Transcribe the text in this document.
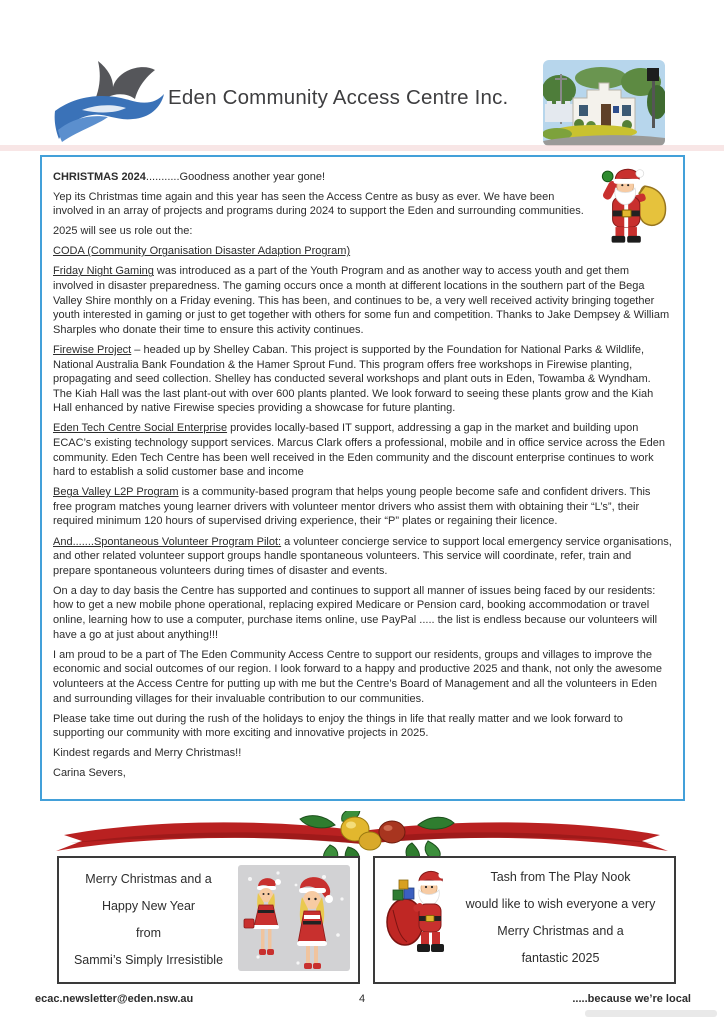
Eden Community Access Centre Inc.

CHRISTMAS 2024...........Goodness another year gone!

Yep its Christmas time again and this year has seen the Access Centre as busy as ever. We have been involved in an array of projects and programs during 2024 to support the Eden and surrounding communities.

2025 will see us role out the:

CODA (Community Organisation Disaster Adaption Program)

Friday Night Gaming was introduced as a part of the Youth Program and as another way to access youth and get them involved in disaster preparedness. The gaming occurs once a month at different locations in the southern part of the Bega Valley Shire monthly on a Friday evening. This has been, and continues to be, a very well received activity bringing together youth interested in gaming or just to get together with others for some fun and competition. Thanks to Jake Dempsey & William Sharples who donate their time to ensure this activity continues.

Firewise Project – headed up by Shelley Caban. This project is supported by the Foundation for National Parks & Wildlife, National Australia Bank Foundation & the Hamer Sprout Fund. This program offers free workshops in Firewise planting, propagating and seed collection. Shelley has conducted several workshops and plant outs in Eden, Towamba & Wyndham. The Kiah Hall was the last plant-out with over 600 plants planted. We look forward to seeing these plants grow and the Kiah Hall enhanced by native Firewise species providing a showcase for future planting.

Eden Tech Centre Social Enterprise provides locally-based IT support, addressing a gap in the market and building upon ECAC’s existing technology support services. Marcus Clark offers a professional, mobile and in office service across the Eden community. Eden Tech Centre has been well received in the Eden community and the discount enterprise continues to work hard to establish a solid customer base and income

Bega Valley L2P Program is a community-based program that helps young people become safe and confident drivers. This free program matches young learner drivers with volunteer mentor drivers who assist them with obtaining their “L’s”, their required minimum 120 hours of supervised driving experience, their “P” plates or regaining their licence.

And.......Spontaneous Volunteer Program Pilot: a volunteer concierge service to support local emergency service organisations, and other related volunteer support groups handle spontaneous volunteers. This service will coordinate, refer, train and prepare spontaneous volunteers during times of disaster and events.

On a day to day basis the Centre has supported and continues to support all manner of issues being faced by our residents: how to get a new mobile phone operational, replacing expired Medicare or Pension card, booking accommodation or travel online, learning how to use a computer, purchase items online, use PayPal ..... the list is endless because our volunteers will have a go at just about anything!!!

I am proud to be a part of The Eden Community Access Centre to support our residents, groups and villages to improve the economic and social outcomes of our region. I look forward to a happy and productive 2025 and thank, not only the awesome volunteers at the Access Centre for putting up with me but the Centre’s Board of Management and all the volunteers in Eden and surrounding villages for their invaluable contribution to our communities.

Please take time out during the rush of the holidays to enjoy the things in life that really matter and we look forward to supporting our community with more exciting and innovative projects in 2025.

Kindest regards and Merry Christmas!!

Carina Severs,

Merry Christmas and a
Happy New Year
from
Sammi’s Simply Irresistible
Tash from The Play Nook
would like to wish everyone a very
Merry Christmas and a
fantastic 2025
4
ecac.newsletter@eden.nsw.au	.....because we’re local
